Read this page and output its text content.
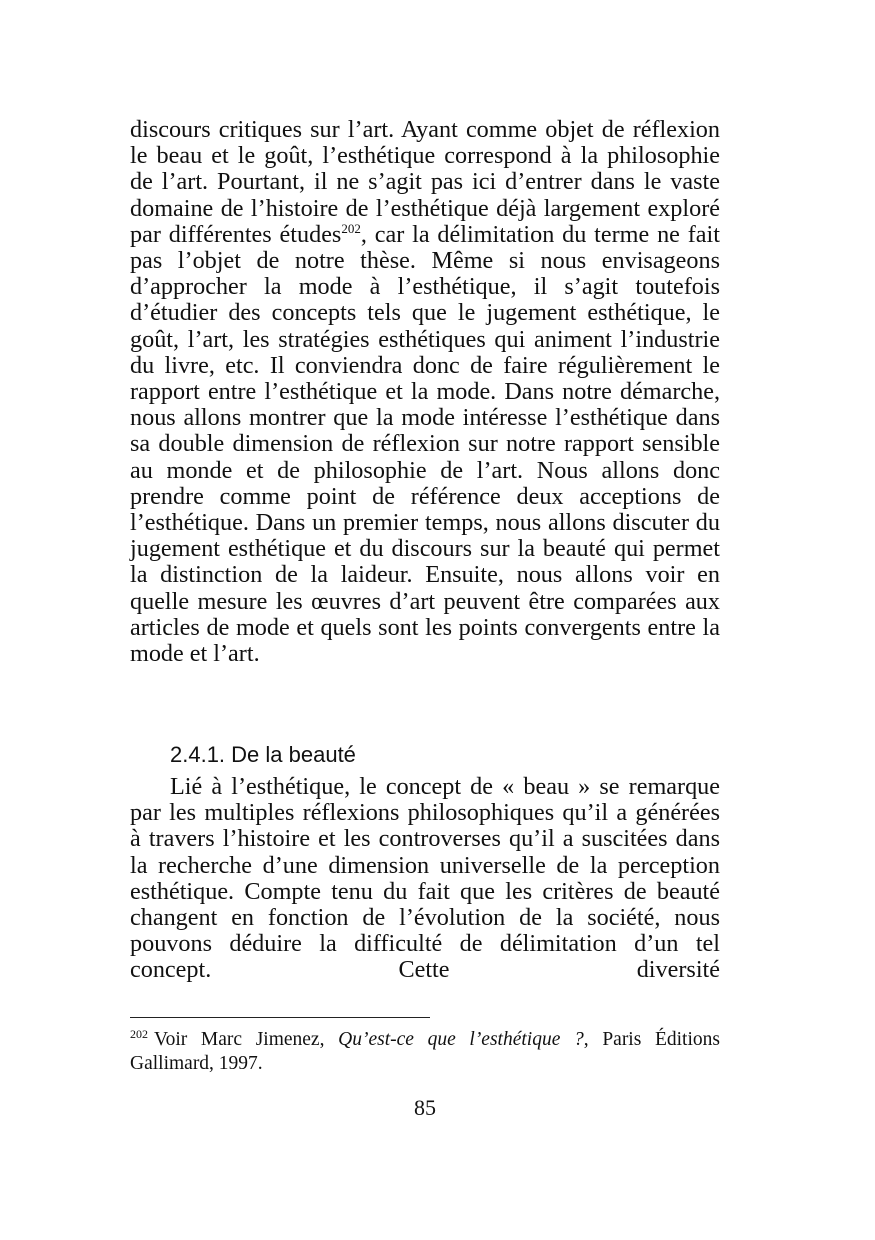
discours critiques sur l’art. Ayant comme objet de réflexion le beau et le goût, l’esthétique correspond à la philosophie de l’art. Pourtant, il ne s’agit pas ici d’entrer dans le vaste domaine de l’histoire de l’esthétique déjà largement exploré par différentes études$^{202}$, car la délimitation du terme ne fait pas l’objet de notre thèse. Même si nous envisageons d’approcher la mode à l’esthétique, il s’agit toutefois d’étudier des concepts tels que le jugement esthétique, le goût, l’art, les stratégies esthétiques qui animent l’industrie du livre, etc. Il conviendra donc de faire régulièrement le rapport entre l’esthétique et la mode. Dans notre démarche, nous allons montrer que la mode intéresse l’esthétique dans sa double dimension de réflexion sur notre rapport sensible au monde et de philosophie de l’art. Nous allons donc prendre comme point de référence deux acceptions de l’esthétique. Dans un premier temps, nous allons discuter du jugement esthétique et du discours sur la beauté qui permet la distinction de la laideur. Ensuite, nous allons voir en quelle mesure les œuvres d’art peuvent être comparées aux articles de mode et quels sont les points convergents entre la mode et l’art.

2.4.1. De la beauté

Lié à l’esthétique, le concept de « beau » se remarque par les multiples réflexions philosophiques qu’il a générées à travers l’histoire et les controverses qu’il a suscitées dans la recherche d’une dimension universelle de la perception esthétique. Compte tenu du fait que les critères de beauté changent en fonction de l’évolution de la société, nous pouvons déduire la difficulté de délimitation d’un tel concept. Cette diversité

$^{202}$ Voir Marc Jimenez, Qu’est-ce que l’esthétique ?, Paris Éditions Gallimard, 1997.

85
